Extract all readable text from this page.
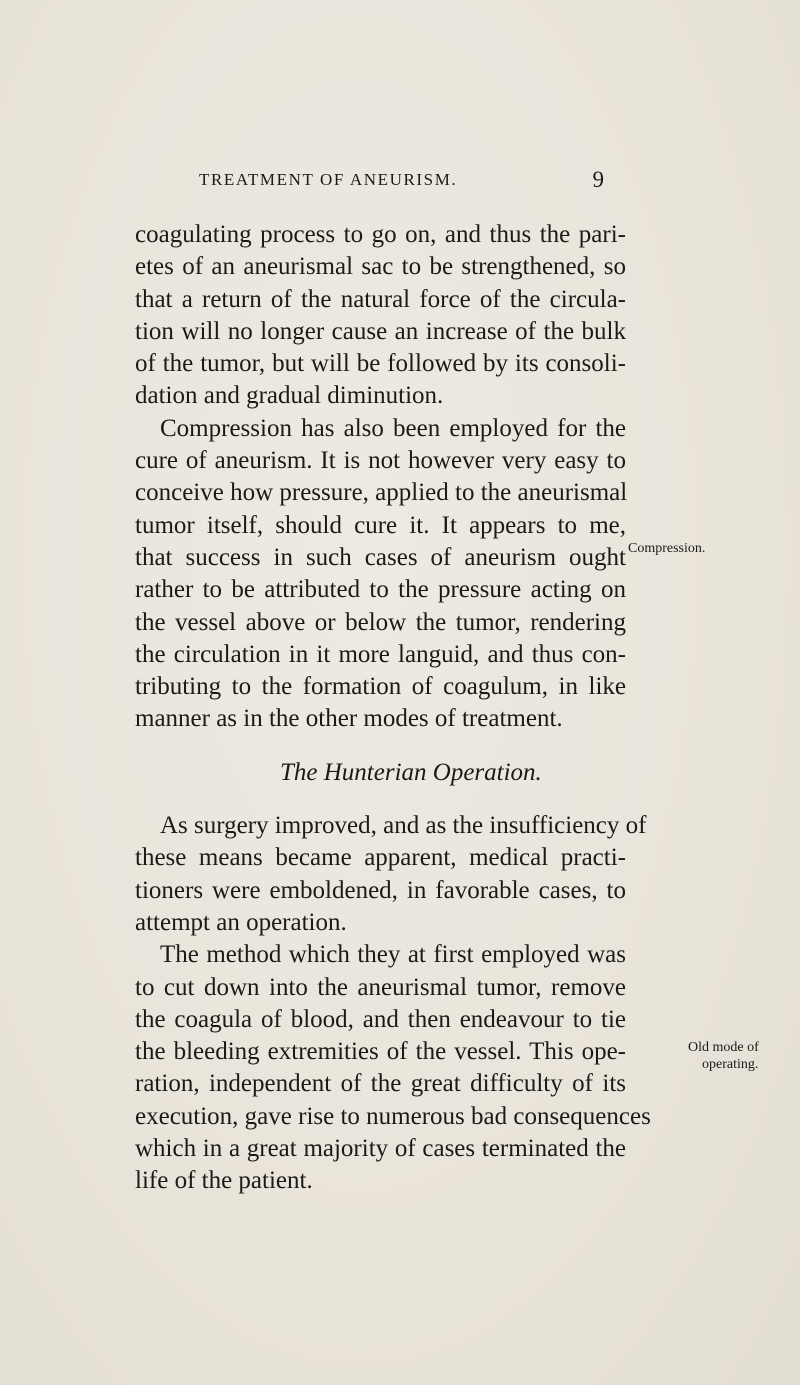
TREATMENT OF ANEURISM.	9
coagulating process to go on, and thus the pari-
etes of an aneurismal sac to be strengthened, so
that a return of the natural force of the circula-
tion will no longer cause an increase of the bulk
of the tumor, but will be followed by its consoli-
dation and gradual diminution.
Compression has also been employed for the
cure of aneurism. It is not however very easy to
conceive how pressure, applied to the aneurismal
tumor itself, should cure it. It appears to me,
that success in such cases of aneurism ought
rather to be attributed to the pressure acting on
the vessel above or below the tumor, rendering
the circulation in it more languid, and thus con-
tributing to the formation of coagulum, in like
manner as in the other modes of treatment.
The Hunterian Operation.
As surgery improved, and as the insufficiency of
these means became apparent, medical practi-
tioners were emboldened, in favorable cases, to
attempt an operation.
The method which they at first employed was
to cut down into the aneurismal tumor, remove
the coagula of blood, and then endeavour to tie
the bleeding extremities of the vessel. This ope-
ration, independent of the great difficulty of its
execution, gave rise to numerous bad consequences
which in a great majority of cases terminated the
life of the patient.
Compression.
Old mode of
operating.
